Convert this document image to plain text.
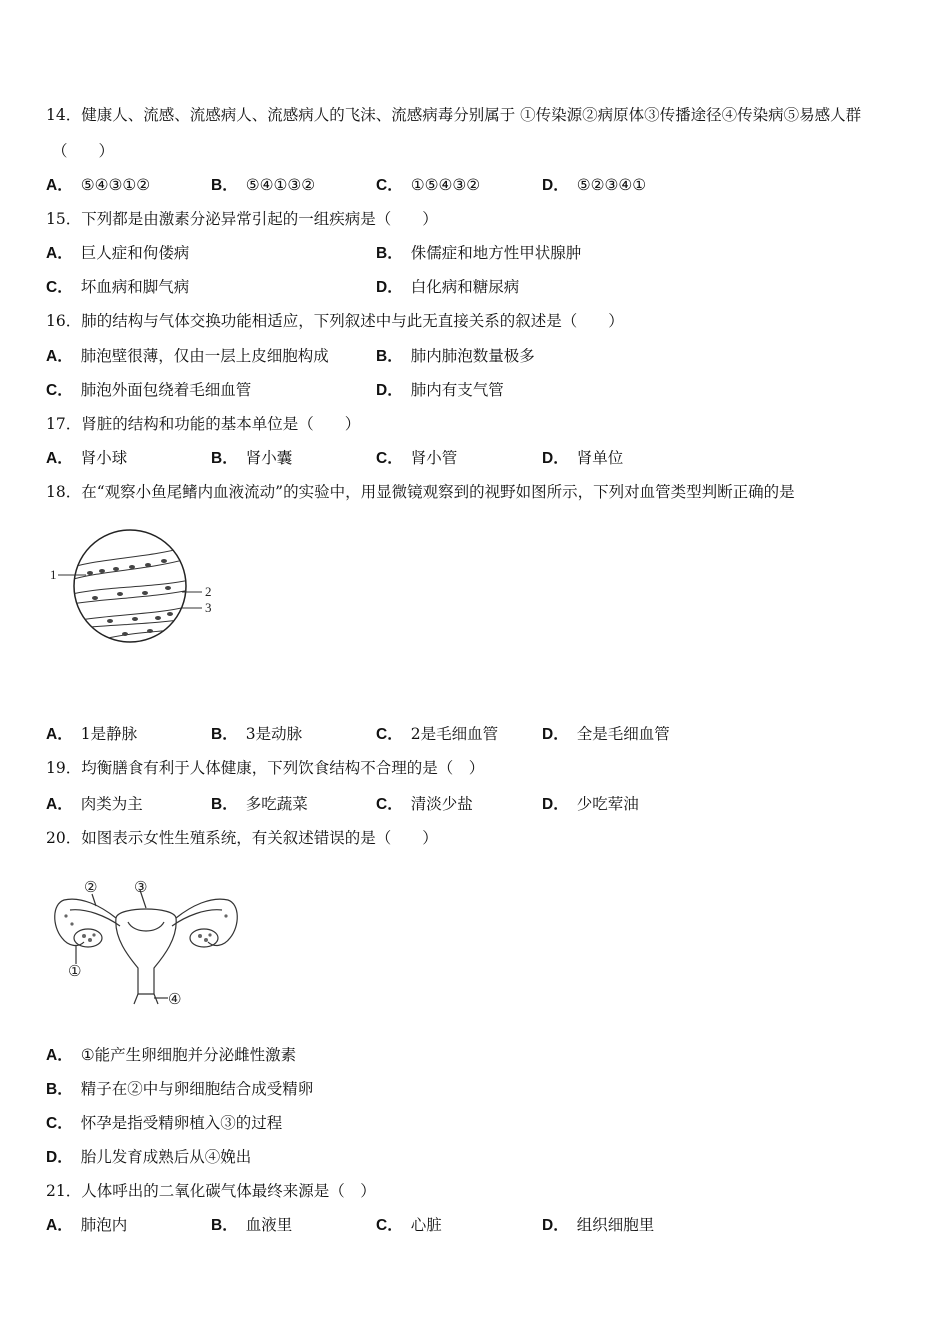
14．健康人、流感、流感病人、流感病人的飞沫、流感病毒分别属于 ①传染源②病原体③传播途径④传染病⑤易感人群
（　　）
A． ⑤④③①②	B． ⑤④①③②	C． ①⑤④③②	D． ⑤②③④①
15．下列都是由激素分泌异常引起的一组疾病是（　　）
A． 巨人症和佝偻病	B． 侏儒症和地方性甲状腺肿
C． 坏血病和脚气病	D． 白化病和糖尿病
16．肺的结构与气体交换功能相适应，下列叙述中与此无直接关系的叙述是（　　）
A． 肺泡壁很薄，仅由一层上皮细胞构成	B． 肺内肺泡数量极多
C． 肺泡外面包绕着毛细血管	D． 肺内有支气管
17．肾脏的结构和功能的基本单位是（　　）
A． 肾小球	B． 肾小囊	C． 肾小管	D． 肾单位
18．在“观察小鱼尾鳍内血液流动”的实验中，用显微镜观察到的视野如图所示，下列对血管类型判断正确的是
1
2
3
A． 1是静脉	B． 3是动脉	C． 2是毛细血管	D． 全是毛细血管
19．均衡膳食有利于人体健康，下列饮食结构不合理的是（　）
A． 肉类为主	B． 多吃蔬菜	C． 清淡少盐	D． 少吃荤油
20．如图表示女性生殖系统，有关叙述错误的是（　　）
② ③
①
④
A． ①能产生卵细胞并分泌雌性激素
B． 精子在②中与卵细胞结合成受精卵
C． 怀孕是指受精卵植入③的过程
D． 胎儿发育成熟后从④娩出
21．人体呼出的二氧化碳气体最终来源是（　）
A． 肺泡内	B． 血液里	C． 心脏	D． 组织细胞里
